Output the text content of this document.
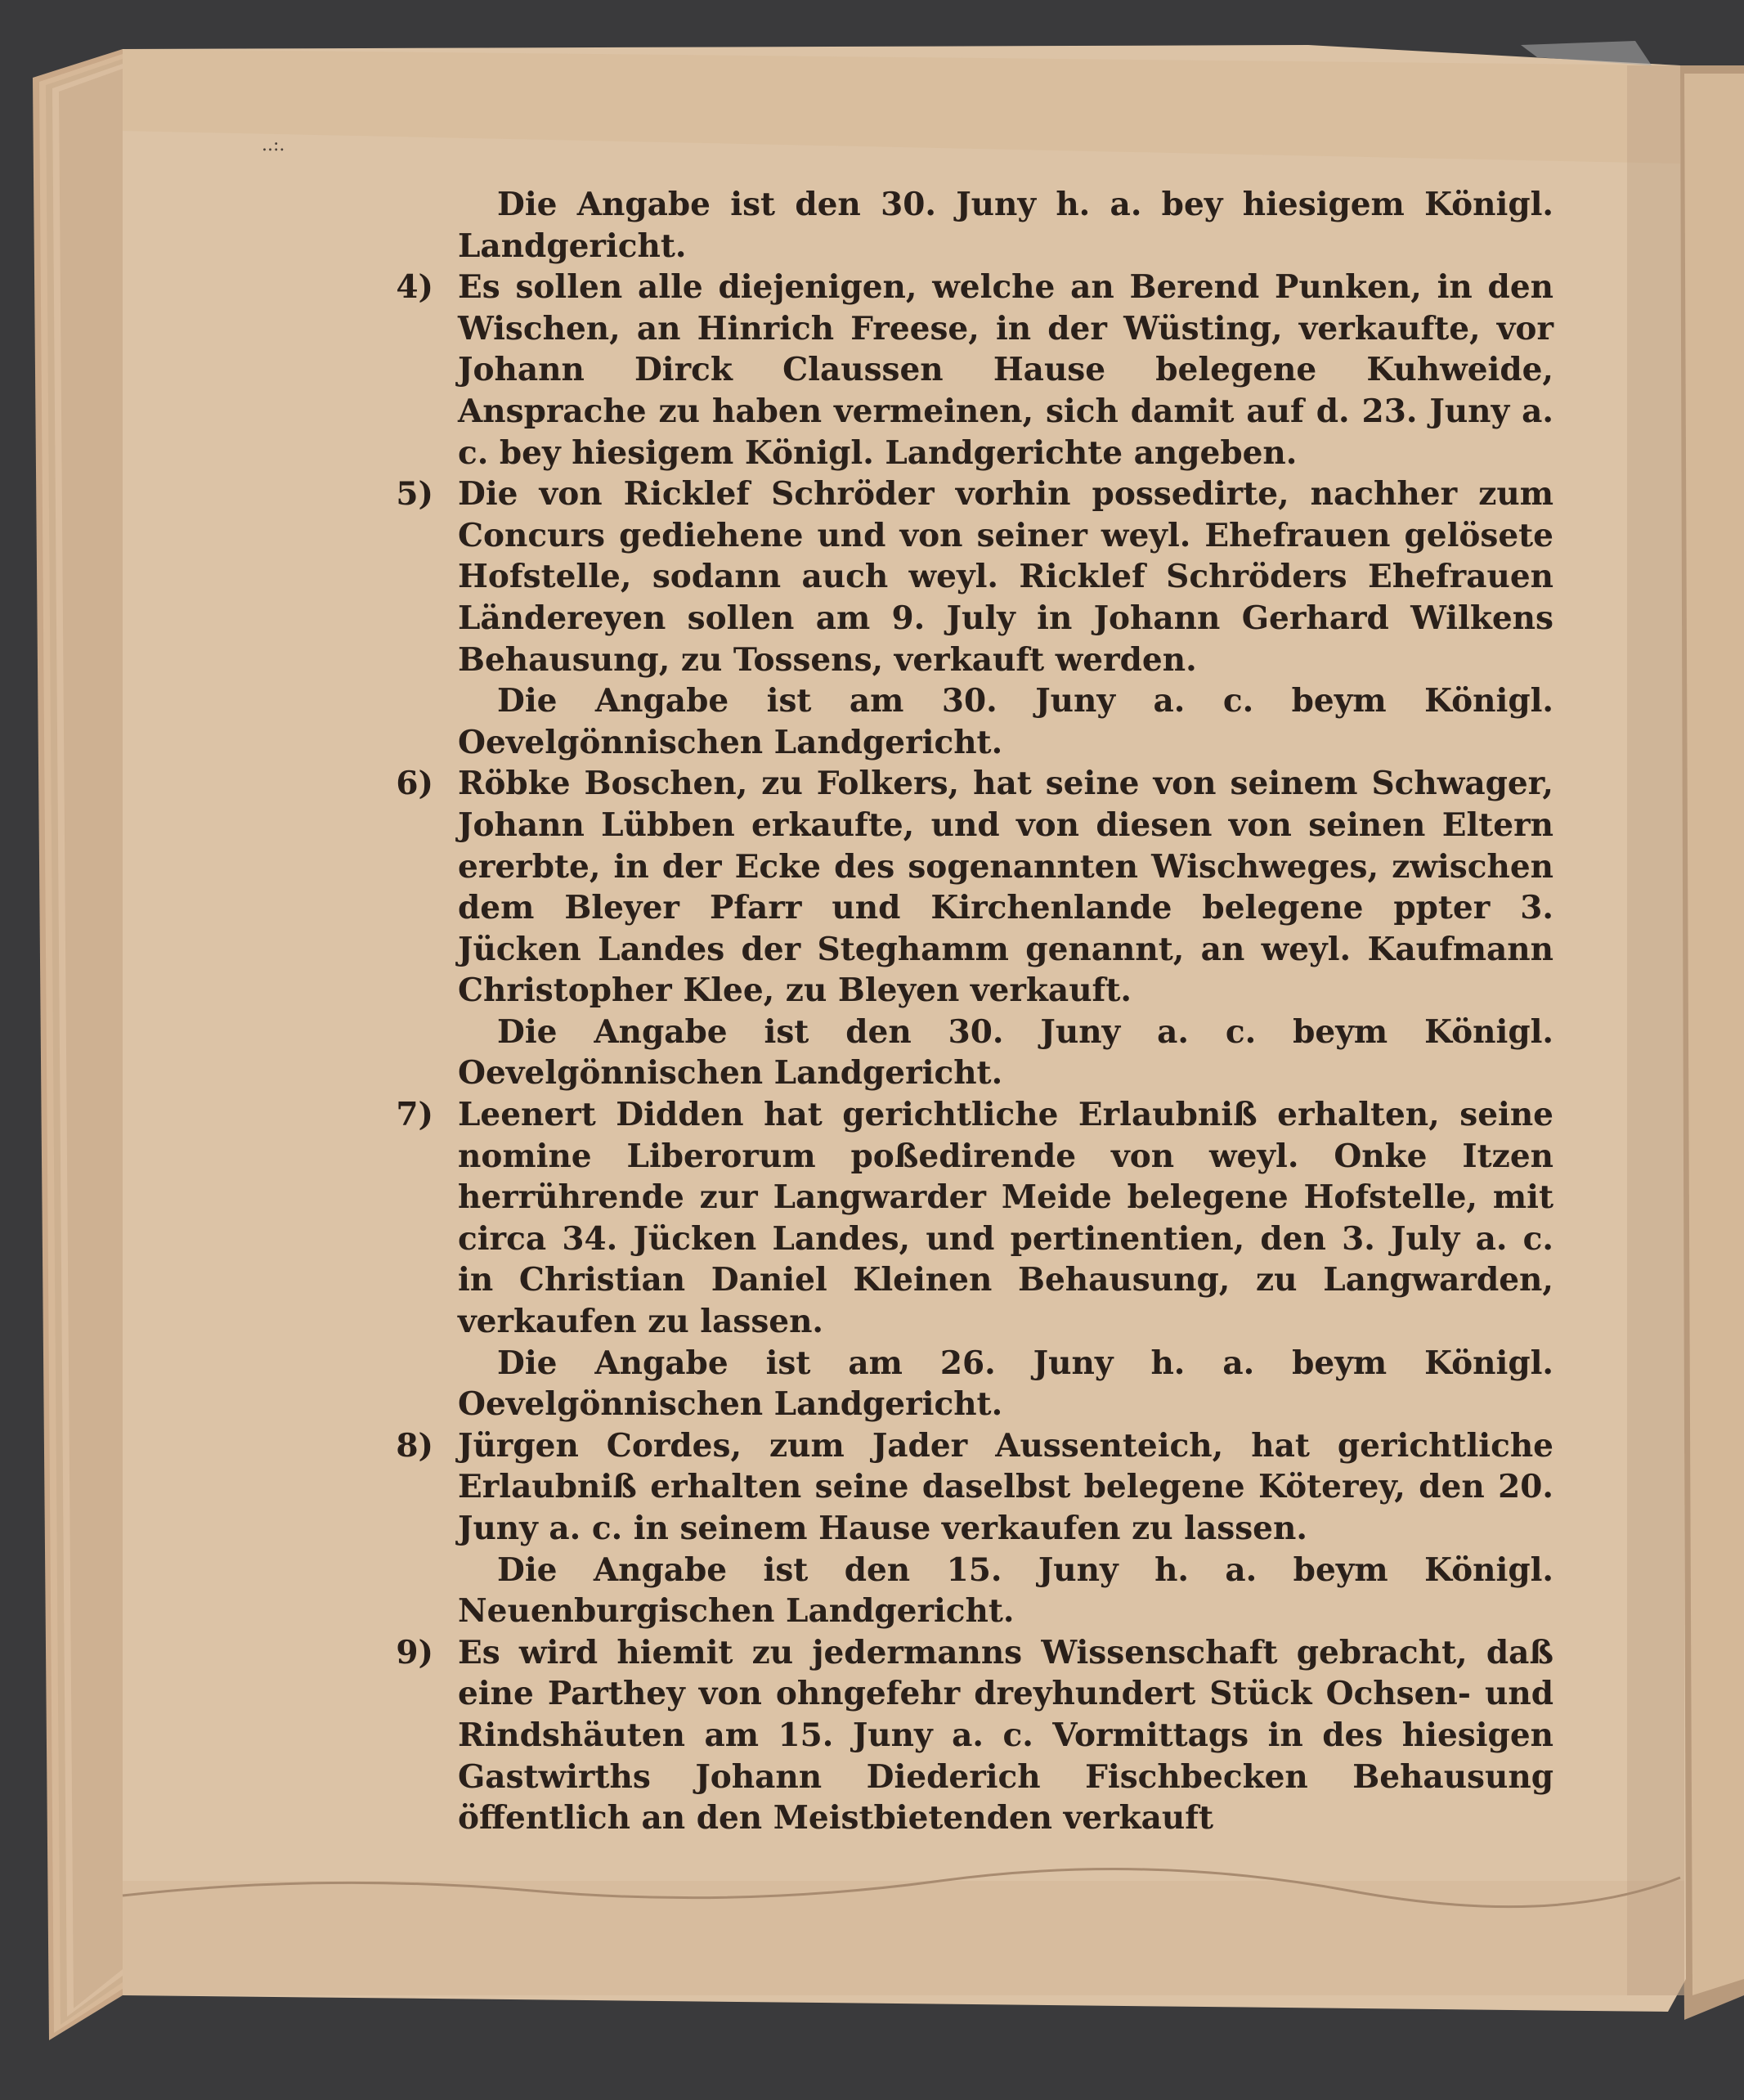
..:.
Die Angabe ist den 30. Juny h. a. bey hiesigem Königl. Landgericht.
4) Es sollen alle diejenigen, welche an Berend Punken, in den Wischen, an Hinrich Freese, in der Wüsting, verkaufte, vor Johann Dirck Claussen Hause belegene Kuhweide, Ansprache zu haben vermeinen, sich damit auf d. 23. Juny a. c. bey hiesigem Königl. Landgerichte angeben.
5) Die von Ricklef Schröder vorhin possedirte, nachher zum Concurs gediehene und von seiner weyl. Ehefrauen gelösete Hofstelle, sodann auch weyl. Ricklef Schröders Ehefrauen Ländereyen sollen am 9. July in Johann Gerhard Wilkens Behausung, zu Tossens, verkauft werden.
Die Angabe ist am 30. Juny a. c. beym Königl. Oevelgönnischen Landgericht.
6) Röbke Boschen, zu Folkers, hat seine von seinem Schwager, Johann Lübben erkaufte, und von diesen von seinen Eltern ererbte, in der Ecke des sogenannten Wischweges, zwischen dem Bleyer Pfarr und Kirchenlande belegene ppter 3. Jücken Landes der Steghamm genannt, an weyl. Kaufmann Christopher Klee, zu Bleyen verkauft.
Die Angabe ist den 30. Juny a. c. beym Königl. Oevelgönnischen Landgericht.
7) Leenert Didden hat gerichtliche Erlaubniß erhalten, seine nomine Liberorum poßedirende von weyl. Onke Itzen herrührende zur Langwarder Meide belegene Hofstelle, mit circa 34. Jücken Landes, und pertinentien, den 3. July a. c. in Christian Daniel Kleinen Behausung, zu Langwarden, verkaufen zu lassen.
Die Angabe ist am 26. Juny h. a. beym Königl. Oevelgönnischen Landgericht.
8) Jürgen Cordes, zum Jader Aussenteich, hat gerichtliche Erlaubniß erhalten seine daselbst belegene Köterey, den 20. Juny a. c. in seinem Hause verkaufen zu lassen.
Die Angabe ist den 15. Juny h. a. beym Königl. Neuenburgischen Landgericht.
9) Es wird hiemit zu jedermanns Wissenschaft gebracht, daß eine Parthey von ohngefehr dreyhundert Stück Ochsen- und Rindshäuten am 15. Juny a. c. Vormittags in des hiesigen Gastwirths Johann Diederich Fischbecken Behausung öffentlich an den Meistbietenden verkauft
